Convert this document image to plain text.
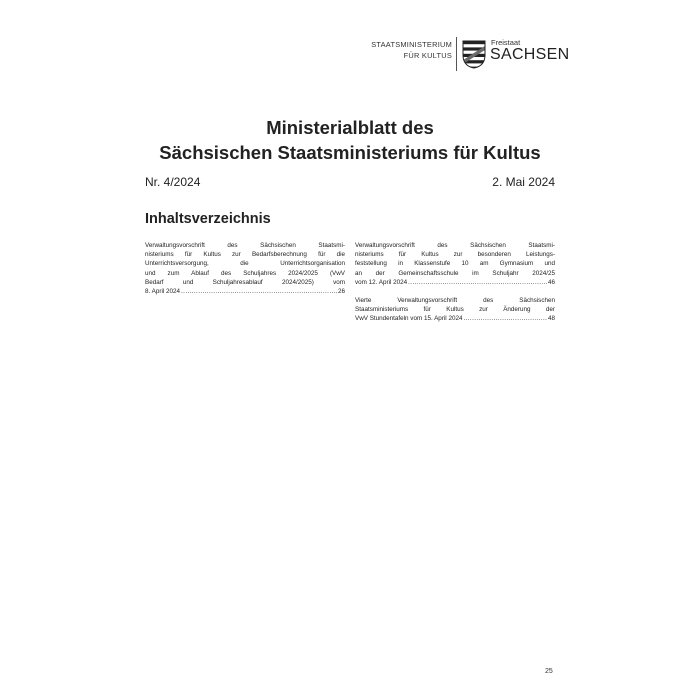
STAATSMINISTERIUM
FÜR KULTUS
Freistaat
SACHSEN
Ministerialblatt des
Sächsischen Staatsministeriums für Kultus
Nr. 4/2024	2. Mai 2024
Inhaltsverzeichnis
Verwaltungsvorschrift des Sächsischen Staatsmi-
nisteriums für Kultus zur Bedarfsberechnung für die
Unterrichtsversorgung, die Unterrichtsorganisation
und zum Ablauf des Schuljahres 2024/2025 (VwV
Bedarf und Schuljahresablauf 2024/2025) vom
8. April 2024 .....	26
Verwaltungsvorschrift des Sächsischen Staatsmi-
nisteriums für Kultus zur besonderen Leistungs-
feststellung in Klassenstufe 10 am Gymnasium und
an der Gemeinschaftsschule im Schuljahr 2024/25
vom 12. April 2024 .....	46
Vierte Verwaltungsvorschrift des Sächsischen
Staatsministeriums für Kultus zur Änderung der
VwV Stundentafeln vom 15. April 2024 .....	48
25
